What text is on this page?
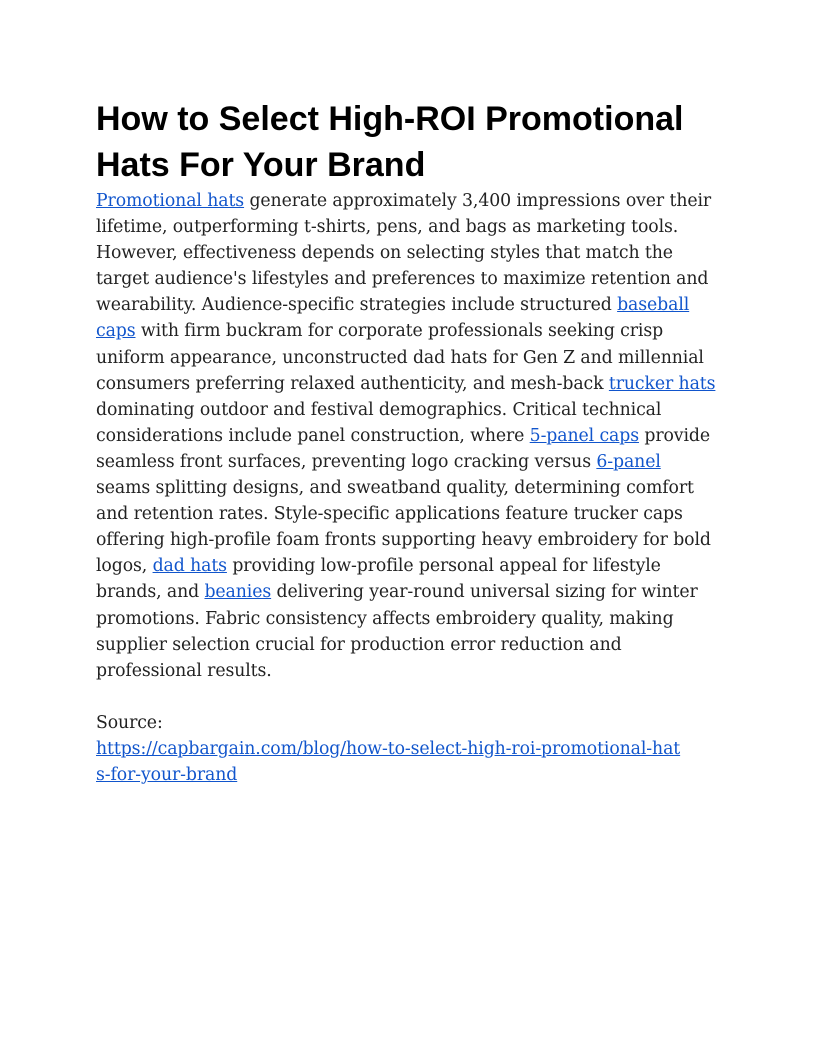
How to Select High-ROI Promotional Hats For Your Brand

Promotional hats generate approximately 3,400 impressions over their lifetime, outperforming t-shirts, pens, and bags as marketing tools. However, effectiveness depends on selecting styles that match the target audience's lifestyles and preferences to maximize retention and wearability. Audience-specific strategies include structured baseball caps with firm buckram for corporate professionals seeking crisp uniform appearance, unconstructed dad hats for Gen Z and millennial consumers preferring relaxed authenticity, and mesh-back trucker hats dominating outdoor and festival demographics. Critical technical considerations include panel construction, where 5-panel caps provide seamless front surfaces, preventing logo cracking versus 6-panel seams splitting designs, and sweatband quality, determining comfort and retention rates. Style-specific applications feature trucker caps offering high-profile foam fronts supporting heavy embroidery for bold logos, dad hats providing low-profile personal appeal for lifestyle brands, and beanies delivering year-round universal sizing for winter promotions. Fabric consistency affects embroidery quality, making supplier selection crucial for production error reduction and professional results.

Source:
https://capbargain.com/blog/how-to-select-high-roi-promotional-hat
s-for-your-brand
